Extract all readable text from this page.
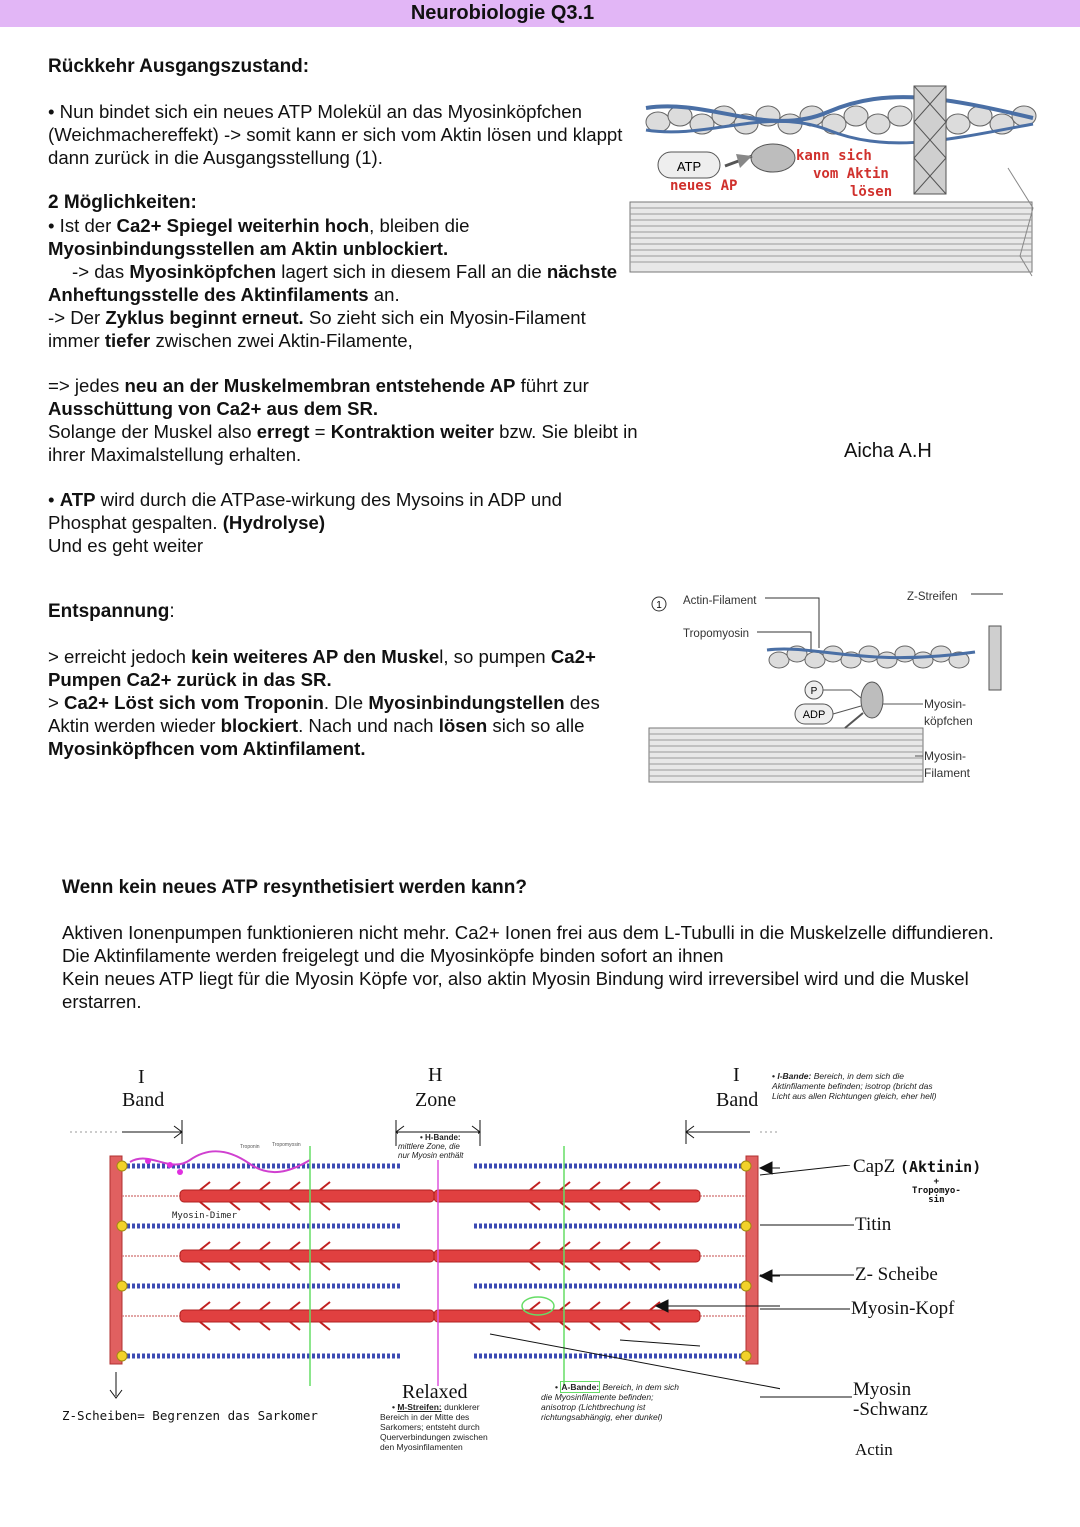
Neurobiologie Q3.1

Rückkehr Ausgangszustand:

• Nun bindet sich ein neues ATP Molekül an das Myosinköpfchen (Weichmachereffekt) -> somit kann er sich vom Aktin lösen und klappt dann zurück in die Ausgangsstellung (1).

2 Möglichkeiten:

• Ist der Ca2+ Spiegel weiterhin hoch, bleiben die Myosinbindungsstellen am Aktin unblockiert.

-> das Myosinköpfchen lagert sich in diesem Fall an die nächste Anheftungsstelle des Aktinfilaments an.

-> Der Zyklus beginnt erneut. So zieht sich ein Myosin-Filament immer tiefer zwischen zwei Aktin-Filamente,

=> jedes neu an der Muskelmembran entstehende AP führt zur Ausschüttung von Ca2+ aus dem SR.

Solange der Muskel also erregt = Kontraktion weiter bzw. Sie bleibt in ihrer Maximalstellung erhalten.

• ATP wird durch die ATPase-wirkung des Mysoins in ADP und Phosphat gespalten. (Hydrolyse)

Und es geht weiter

Aicha A.H
ATP
neues AP
kann sich
vom Aktin
lösen

Entspannung:

> erreicht jedoch kein weiteres AP den Muskel, so pumpen Ca2+ Pumpen Ca2+ zurück in das SR.

> Ca2+ Löst sich vom Troponin. DIe Myosinbindungstellen des Aktin werden wieder blockiert. Nach und nach lösen sich so alle Myosinköpfhcen vom Aktinfilament.

1 Actin-Filament
Tropomyosin
Z-Streifen
ADP
P
Myosin-
köpfchen
Myosin-
Filament

Wenn kein neues ATP resynthetisiert werden kann?

Aktiven Ionenpumpen funktionieren nicht mehr. Ca2+ Ionen frei aus dem L-Tubulli in die Muskelzelle diffundieren.

Die Aktinfilamente werden freigelegt und die Myosinköpfe binden sofort an ihnen

Kein neues ATP liegt für die Myosin Köpfe vor, also aktin Myosin Bindung wird irreversibel wird und die Muskel erstarren.

I
Band
H
Zone
I
Band
• I-Bande: Bereich, in dem sich die Aktinfilamente befinden; isotrop (bricht das Licht aus allen Richtungen gleich, eher hell)
Troponin Tropomyosin
Myosin-Dimer
• H-Bande:
mittlere Zone, die
nur Myosin enthält
CapZ (Aktinin)
+
Tropomyo-
sin
Titin
Z- Scheibe
Myosin-Kopf
Myosin
-Schwanz
Actin
Z-Scheiben= Begrenzen das Sarkomer
Relaxed
• M-Streifen: dunklerer
Bereich in der Mitte des
Sarkomers; entsteht durch
Querverbindungen zwischen
den Myosinfilamenten
• A-Bande: Bereich, in dem sich
die Myosinfilamente befinden;
anisotrop (Lichtbrechung ist
richtungsabhängig, eher dunkel)
